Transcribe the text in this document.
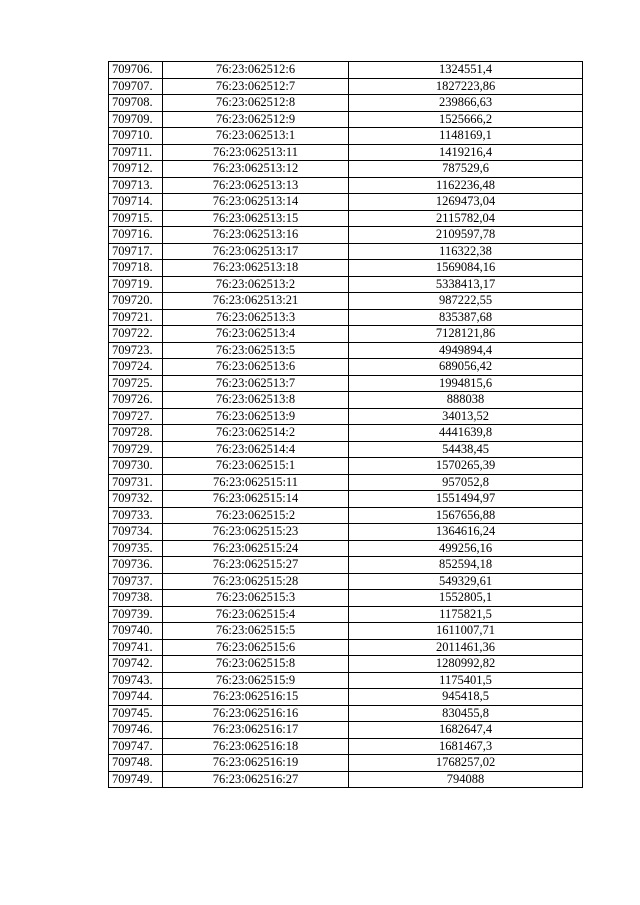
709706.	76:23:062512:6	1324551,4
709707.	76:23:062512:7	1827223,86
709708.	76:23:062512:8	239866,63
709709.	76:23:062512:9	1525666,2
709710.	76:23:062513:1	1148169,1
709711.	76:23:062513:11	1419216,4
709712.	76:23:062513:12	787529,6
709713.	76:23:062513:13	1162236,48
709714.	76:23:062513:14	1269473,04
709715.	76:23:062513:15	2115782,04
709716.	76:23:062513:16	2109597,78
709717.	76:23:062513:17	116322,38
709718.	76:23:062513:18	1569084,16
709719.	76:23:062513:2	5338413,17
709720.	76:23:062513:21	987222,55
709721.	76:23:062513:3	835387,68
709722.	76:23:062513:4	7128121,86
709723.	76:23:062513:5	4949894,4
709724.	76:23:062513:6	689056,42
709725.	76:23:062513:7	1994815,6
709726.	76:23:062513:8	888038
709727.	76:23:062513:9	34013,52
709728.	76:23:062514:2	4441639,8
709729.	76:23:062514:4	54438,45
709730.	76:23:062515:1	1570265,39
709731.	76:23:062515:11	957052,8
709732.	76:23:062515:14	1551494,97
709733.	76:23:062515:2	1567656,88
709734.	76:23:062515:23	1364616,24
709735.	76:23:062515:24	499256,16
709736.	76:23:062515:27	852594,18
709737.	76:23:062515:28	549329,61
709738.	76:23:062515:3	1552805,1
709739.	76:23:062515:4	1175821,5
709740.	76:23:062515:5	1611007,71
709741.	76:23:062515:6	2011461,36
709742.	76:23:062515:8	1280992,82
709743.	76:23:062515:9	1175401,5
709744.	76:23:062516:15	945418,5
709745.	76:23:062516:16	830455,8
709746.	76:23:062516:17	1682647,4
709747.	76:23:062516:18	1681467,3
709748.	76:23:062516:19	1768257,02
709749.	76:23:062516:27	794088
